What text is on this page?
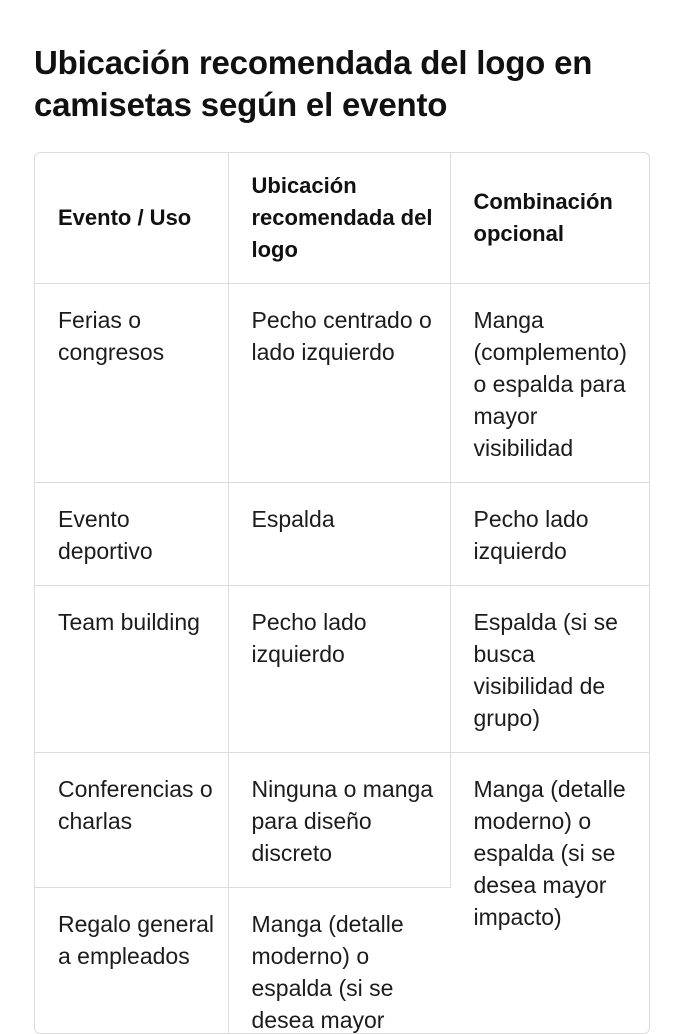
Ubicación recomendada del logo en camisetas según el evento
Evento / Uso	Ubicación recomendada del logo	Combinación opcional
Ferias o congresos	Pecho centrado o lado izquierdo	Manga (complemento) o espalda para mayor visibilidad
Evento deportivo	Espalda	Pecho lado izquierdo
Team building	Pecho lado izquierdo	Espalda (si se busca visibilidad de grupo)
Conferencias o charlas	Ninguna o manga para diseño discreto	Manga (detalle moderno) o espalda (si se desea mayor impacto)
Regalo general a empleados	Manga (detalle moderno) o espalda (si se desea mayor	
